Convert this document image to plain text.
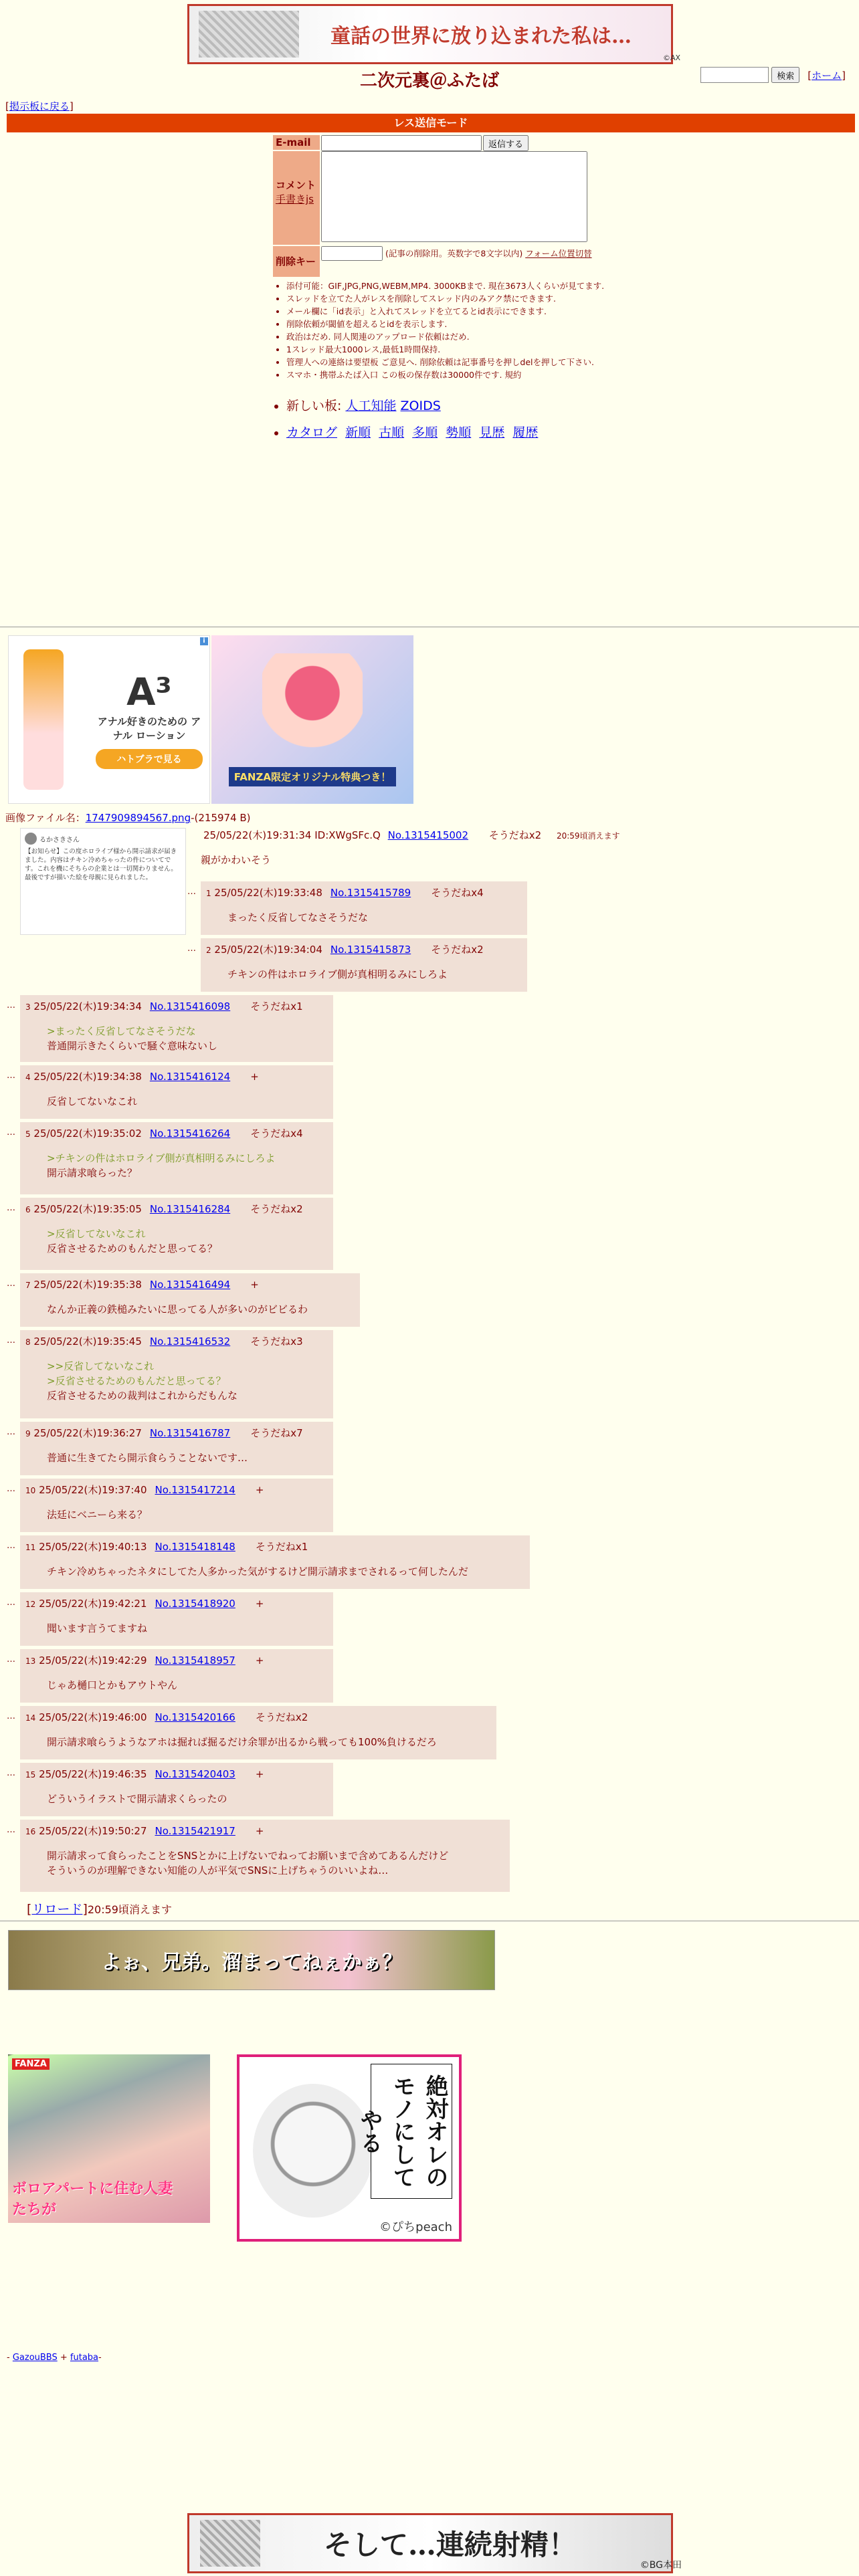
童話の世界に放り込まれた私は…
©AX
二次元裏＠ふたば	検索	[ホーム]
[掲示板に戻る]
レス送信モード
E-mail	返信する
コメント
手書きjs
削除キー
(記事の削除用。英数字で8文字以内) フォーム位置切替
• 添付可能：GIF,JPG,PNG,WEBM,MP4. 3000KBまで. 現在3673人くらいが見てます.
• スレッドを立てた人がレスを削除してスレッド内のみアク禁にできます.
• メール欄に「id表示」と入れてスレッドを立てるとid表示にできます.
• 削除依頼が閾値を超えるとidを表示します.
• 政治はだめ. 同人関連のアップロード依頼はだめ.
• 1スレッド最大1000レス,最低1時間保持.
• 管理人への連絡は要望板 ご意見へ. 削除依頼は記事番号を押しdelを押して下さい.
• スマホ・携帯ふたば入口 この板の保存数は30000件です. 規約
• 新しい板: 人工知能 ZOIDS
• カタログ 新順 古順 多順 勢順 見歴 履歴
i
A³
アナル好きのための アナル ローション
ハトブラで見る
FANZA限定オリジナル特典つき！
画像ファイル名：1747909894567.png-(215974 B)
るかさきさん
【お知らせ】この度ホロライブ様から開示請求が届きました。内容はチキン冷めちゃったの件についてです。これを機にそちらの企業とは一切関わりません。最後ですが描いた絵を母親に見られました。
25/05/22(木)19:31:34 ID:XWgSFc.Q No.1315415002 そうだねx2 20:59頃消えます
親がかわいそう
… 1 25/05/22(木)19:33:48 No.1315415789 そうだねx4
まったく反省してなさそうだな
… 2 25/05/22(木)19:34:04 No.1315415873 そうだねx2
チキンの件はホロライブ側が真相明るみにしろよ
… 3 25/05/22(木)19:34:34 No.1315416098 そうだねx1
>まったく反省してなさそうだな
普通開示きたくらいで騒ぐ意味ないし
… 4 25/05/22(木)19:34:38 No.1315416124 +
反省してないなこれ
… 5 25/05/22(木)19:35:02 No.1315416264 そうだねx4
>チキンの件はホロライブ側が真相明るみにしろよ
開示請求喰らった？
… 6 25/05/22(木)19:35:05 No.1315416284 そうだねx2
>反省してないなこれ
反省させるためのもんだと思ってる？
… 7 25/05/22(木)19:35:38 No.1315416494 +
なんか正義の鉄槌みたいに思ってる人が多いのがビビるわ
… 8 25/05/22(木)19:35:45 No.1315416532 そうだねx3
>>反省してないなこれ
>反省させるためのもんだと思ってる？
反省させるための裁判はこれからだもんな
… 9 25/05/22(木)19:36:27 No.1315416787 そうだねx7
普通に生きてたら開示食らうことないです…
… 10 25/05/22(木)19:37:40 No.1315417214 +
法廷にベニーら来る？
… 11 25/05/22(木)19:40:13 No.1315418148 そうだねx1
チキン冷めちゃったネタにしてた人多かった気がするけど開示請求までされるって何したんだ
… 12 25/05/22(木)19:42:21 No.1315418920 +
聞います言うてますね
… 13 25/05/22(木)19:42:29 No.1315418957 +
じゃあ樋口とかもアウトやん
… 14 25/05/22(木)19:46:00 No.1315420166 そうだねx2
開示請求喰らうようなアホは掘れば掘るだけ余罪が出るから戦っても100%負けるだろ
… 15 25/05/22(木)19:46:35 No.1315420403 +
どういうイラストで開示請求くらったの
… 16 25/05/22(木)19:50:27 No.1315421917 +
開示請求って食らったことをSNSとかに上げないでねってお願いまで含めてあるんだけど
そういうのが理解できない知能の人が平気でSNSに上げちゃうのいいよね…
[リロード]20:59頃消えます
よぉ、兄弟。溜まってねぇかぁ？
FANZA
ボロアパートに住む人妻たちが
絶対オレのモノにしてやる
©ぴちpeach
- GazouBBS + futaba-
そして…連続射精！
©BG本田
